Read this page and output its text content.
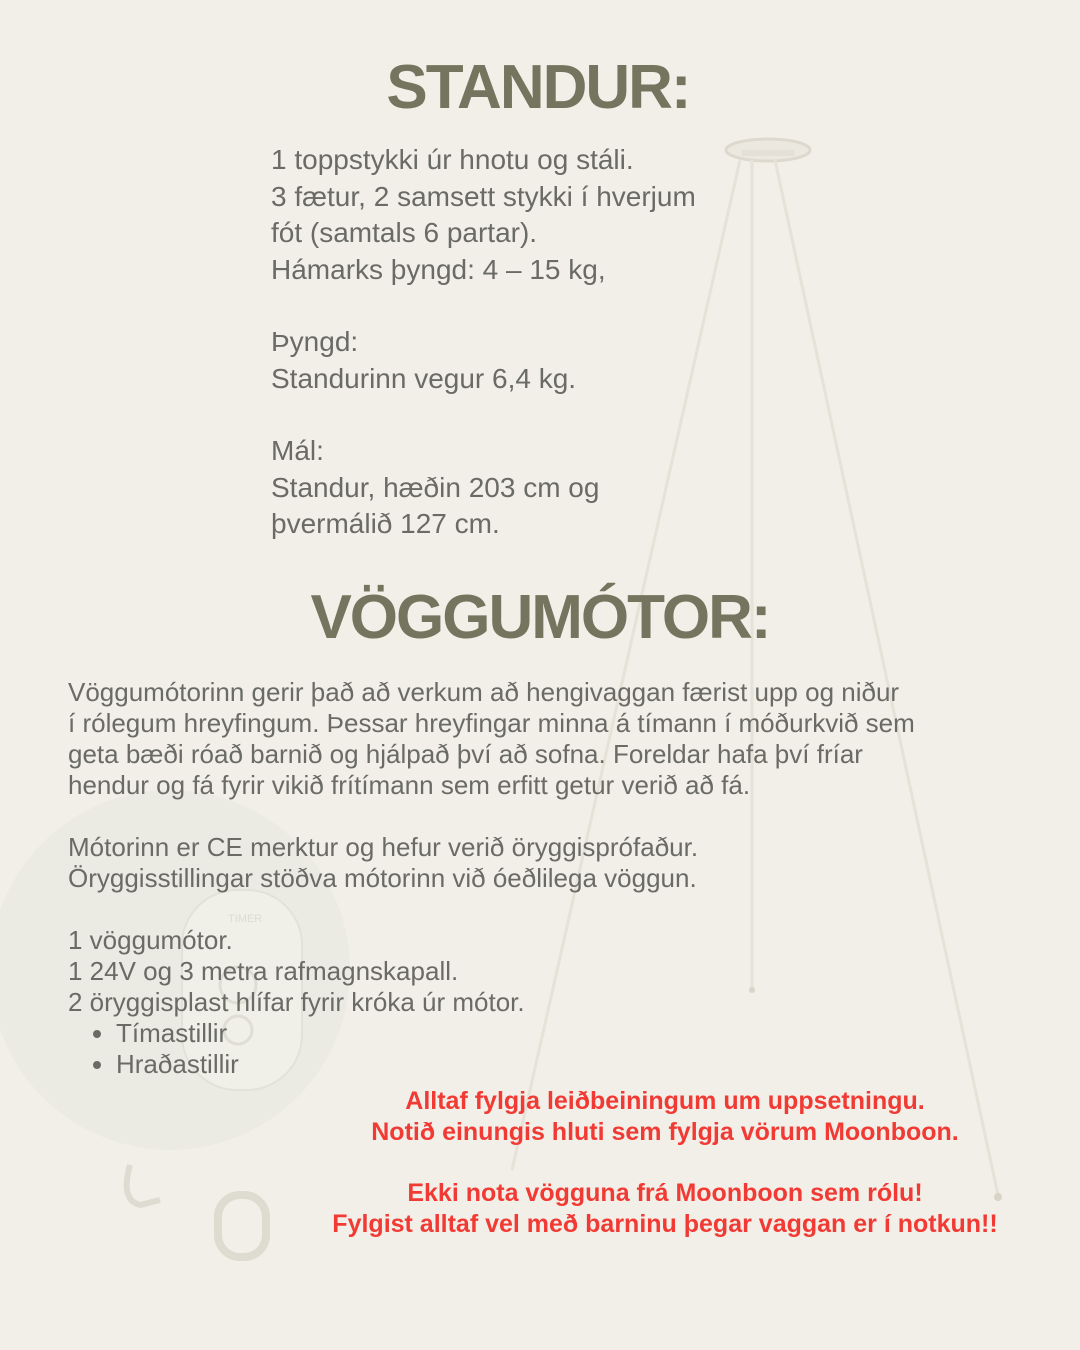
TIMER
STANDUR:

1 toppstykki úr hnotu og stáli.

3 fætur, 2 samsett stykki í hverjum

fót (samtals 6 partar).

Hámarks þyngd: 4 – 15 kg,

Þyngd:

Standurinn vegur 6,4 kg.

Mál:

Standur, hæðin 203 cm og

þvermálið 127 cm.

VÖGGUMÓTOR:

Vöggumótorinn gerir það að verkum að hengivaggan færist upp og niður

í rólegum hreyfingum. Þessar hreyfingar minna á tímann í móðurkvið sem

geta bæði róað barnið og hjálpað því að sofna. Foreldar hafa því fríar

hendur og fá fyrir vikið frítímann sem erfitt getur verið að fá.

Mótorinn er CE merktur og hefur verið öryggisprófaður.

Öryggisstillingar stöðva mótorinn við óeðlilega vöggun.

1 vöggumótor.

1 24V og 3 metra rafmagnskapall.

2 öryggisplast hlífar fyrir króka úr mótor.

• Tímastillir
• Hraðastillir

Alltaf fylgja leiðbeiningum um uppsetningu.

Notið einungis hluti sem fylgja vörum Moonboon.

Ekki nota vögguna frá Moonboon sem rólu!

Fylgist alltaf vel með barninu þegar vaggan er í notkun!!
